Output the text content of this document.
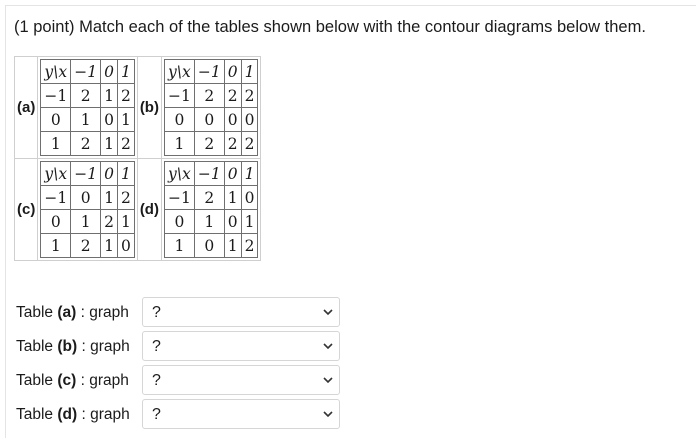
(1 point) Match each of the tables shown below with the contour diagrams below them.
(a)	
y\x	−1	0	1
−1	2	1	2
0	1	0	1
1	2	1	2
	(b)	
y\x	−1	0	1
−1	2	2	2
0	0	0	0
1	2	2	2

(c)	
y\x	−1	0	1
−1	0	1	2
0	1	2	1
1	2	1	0
	(d)	
y\x	−1	0	1
−1	2	1	0
0	1	0	1
1	0	1	2
Table (a) : graph ?
Table (b) : graph ?
Table (c) : graph ?
Table (d) : graph ?
